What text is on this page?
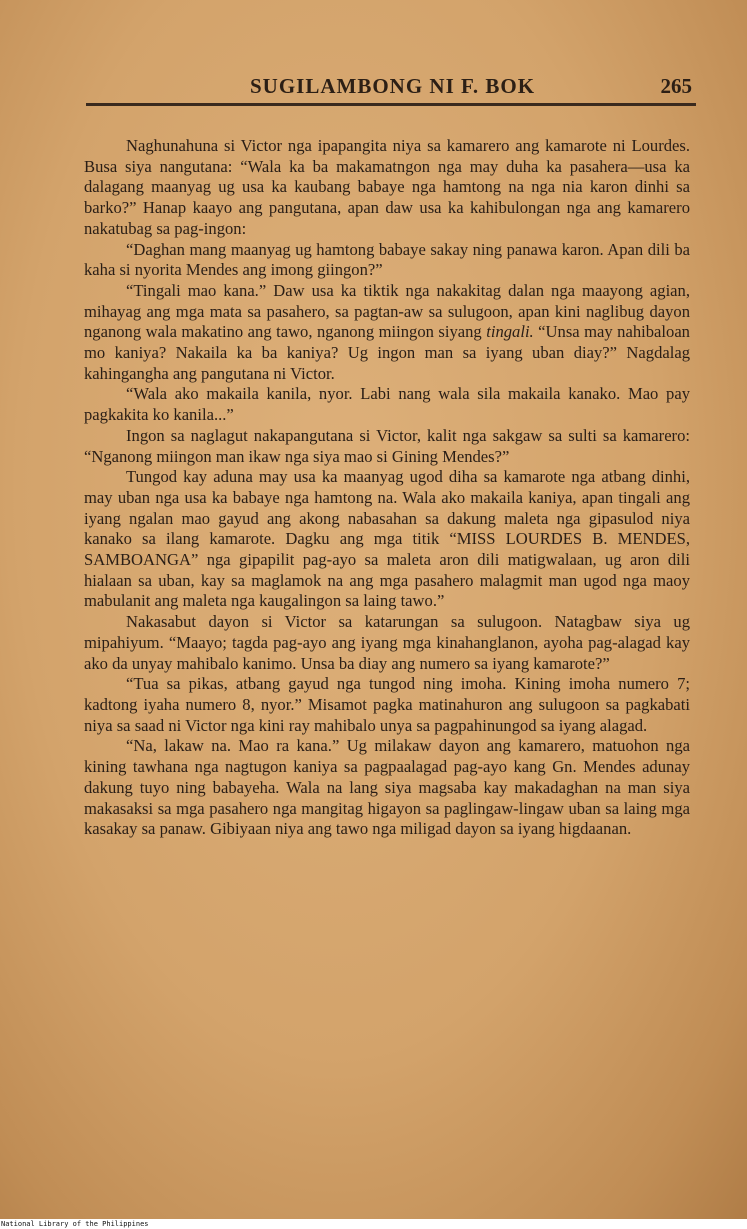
SUGILAMBONG NI F. BOK	265

Naghunahuna si Victor nga ipapangita niya sa kamarero ang kamarote ni Lourdes. Busa siya nangutana: “Wala ka ba makamatngon nga may duha ka pasahera—usa ka dalagang maanyag ug usa ka kaubang babaye nga hamtong na nga nia karon dinhi sa barko?” Hanap kaayo ang pangutana, apan daw usa ka kahibulongan nga ang kamarero nakatubag sa pag-ingon:

“Daghan mang maanyag ug hamtong babaye sakay ning panawa karon. Apan dili ba kaha si nyorita Mendes ang imong giingon?”

“Tingali mao kana.” Daw usa ka tiktik nga nakakitag dalan nga maayong agian, mihayag ang mga mata sa pasahero, sa pagtan-aw sa sulugoon, apan kini naglibug dayon nganong wala makatino ang tawo, nganong miingon siyang tingali. “Unsa may nahibaloan mo kaniya? Nakaila ka ba kaniya? Ug ingon man sa iyang uban diay?” Nagdalag kahingangha ang pangutana ni Victor.

“Wala ako makaila kanila, nyor. Labi nang wala sila makaila kanako. Mao pay pagkakita ko kanila...”

Ingon sa naglagut nakapangutana si Victor, kalit nga sakgaw sa sulti sa kamarero: “Nganong miingon man ikaw nga siya mao si Gining Mendes?”

Tungod kay aduna may usa ka maanyag ugod diha sa kamarote nga atbang dinhi, may uban nga usa ka babaye nga hamtong na. Wala ako makaila kaniya, apan tingali ang iyang ngalan mao gayud ang akong nabasahan sa dakung maleta nga gipasulod niya kanako sa ilang kamarote. Dagku ang mga titik “MISS LOURDES B. MENDES, SAMBOANGA” nga gipapilit pag-ayo sa maleta aron dili matigwalaan, ug aron dili hialaan sa uban, kay sa maglamok na ang mga pasahero malagmit man ugod nga maoy mabulanit ang maleta nga kaugalingon sa laing tawo.”

Nakasabut dayon si Victor sa katarungan sa sulugoon. Natagbaw siya ug mipahiyum. “Maayo; tagda pag-ayo ang iyang mga kinahanglanon, ayoha pag-alagad kay ako da unyay mahibalo kanimo. Unsa ba diay ang numero sa iyang kamarote?”

“Tua sa pikas, atbang gayud nga tungod ning imoha. Kining imoha numero 7; kadtong iyaha numero 8, nyor.” Misamot pagka matinahuron ang sulugoon sa pagkabati niya sa saad ni Victor nga kini ray mahibalo unya sa pagpahinungod sa iyang alagad.

“Na, lakaw na. Mao ra kana.” Ug milakaw dayon ang kamarero, matuohon nga kining tawhana nga nagtugon kaniya sa pagpaalagad pag-ayo kang Gn. Mendes adunay dakung tuyo ning babayeha. Wala na lang siya magsaba kay makadaghan na man siya makasaksi sa mga pasahero nga mangitag higayon sa paglingaw-lingaw uban sa laing mga kasakay sa panaw. Gibiyaan niya ang tawo nga miligad dayon sa iyang higdaanan.

National Library of the Philippines
